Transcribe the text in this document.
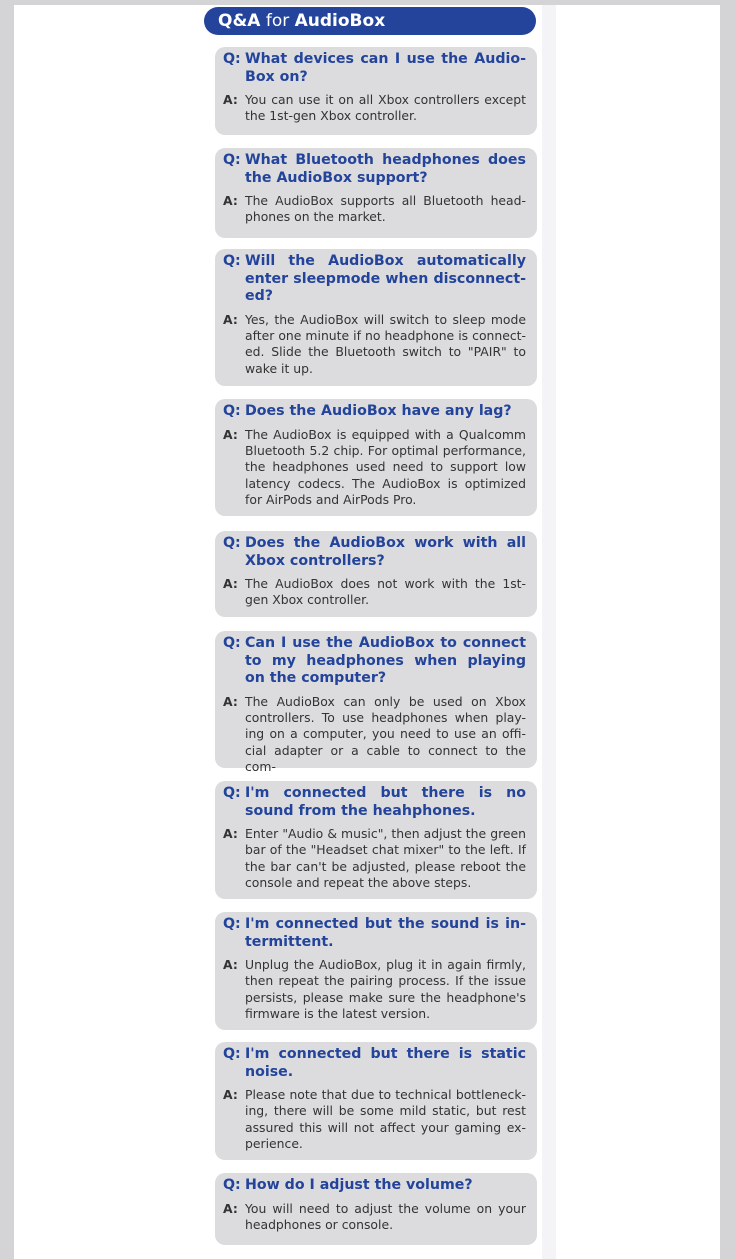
Q&A for AudioBox
Q: What devices can I use the Audio-Box on?
A: You can use it on all Xbox controllers except the 1st-gen Xbox controller.
Q: What Bluetooth headphones does the AudioBox support?
A: The AudioBox supports all Bluetooth head-phones on the market.
Q: Will the AudioBox automatically enter sleepmode when disconnect-ed?
A: Yes, the AudioBox will switch to sleep mode after one minute if no headphone is connect-ed. Slide the Bluetooth switch to "PAIR" to wake it up.
Q: Does the AudioBox have any lag?
A: The AudioBox is equipped with a Qualcomm Bluetooth 5.2 chip. For optimal performance, the headphones used need to support low latency codecs. The AudioBox is optimized for AirPods and AirPods Pro.
Q: Does the AudioBox work with all Xbox controllers?
A: The AudioBox does not work with the 1st-gen Xbox controller.
Q: Can I use the AudioBox to connect to my headphones when playing on the computer?
A: The AudioBox can only be used on Xbox controllers. To use headphones when play-ing on a computer, you need to use an offi-cial adapter or a cable to connect to the com-
Q: I'm connected but there is no sound from the heahphones.
A: Enter "Audio & music", then adjust the green bar of the "Headset chat mixer" to the left. If the bar can't be adjusted, please reboot the console and repeat the above steps.
Q: I'm connected but the sound is in-termittent.
A: Unplug the AudioBox, plug it in again firmly, then repeat the pairing process. If the issue persists, please make sure the headphone's firmware is the latest version.
Q: I'm connected but there is static noise.
A: Please note that due to technical bottleneck-ing, there will be some mild static, but rest assured this will not affect your gaming ex-perience.
Q: How do I adjust the volume?
A: You will need to adjust the volume on your headphones or console.
